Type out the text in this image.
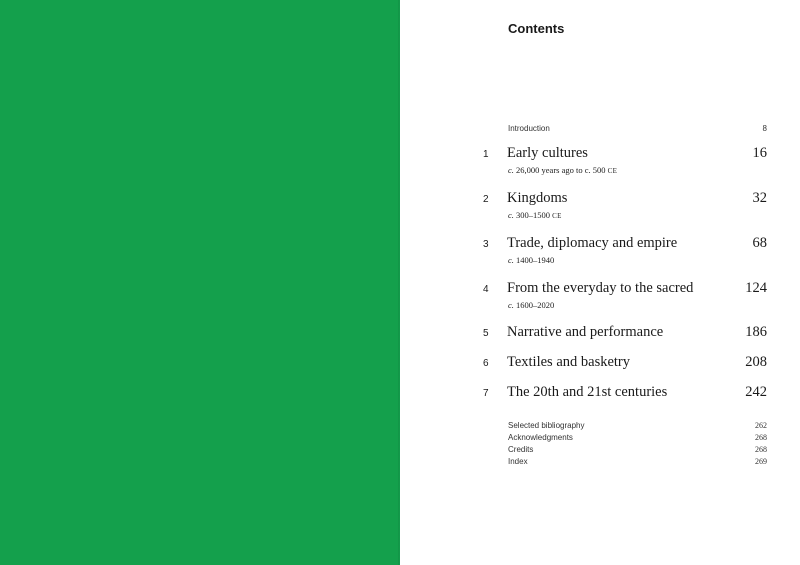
Contents
Introduction	8
1 Early cultures	16
c. 26,000 years ago to c. 500 CE
2 Kingdoms	32
c. 300–1500 CE
3 Trade, diplomacy and empire	68
c. 1400–1940
4 From the everyday to the sacred	124
c. 1600–2020
5 Narrative and performance	186
6 Textiles and basketry	208
7 The 20th and 21st centuries	242
Selected bibliography	262
Acknowledgments	268
Credits	268
Index	269
